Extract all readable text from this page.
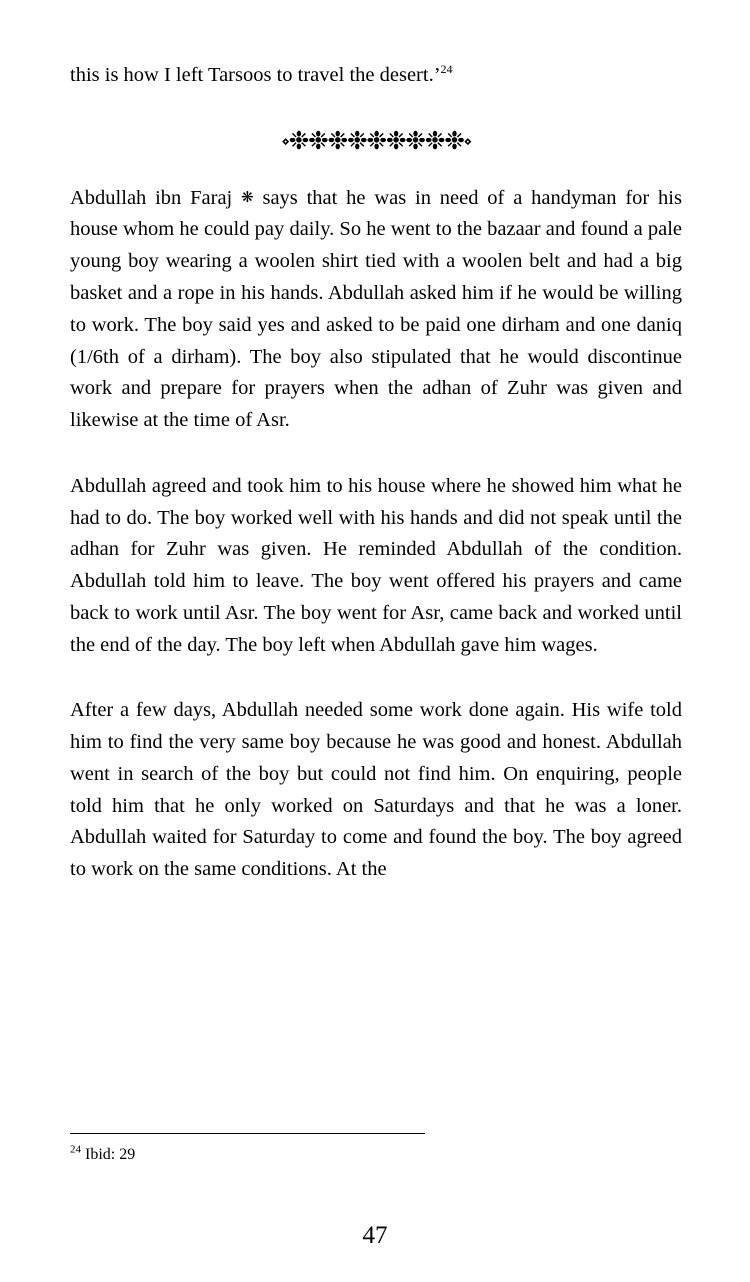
this is how I left Tarsoos to travel the desert.’$^{24}$

⋄❉❉❉❉❉❉❉❉❉⋄

Abdullah ibn Faraj ❋ says that he was in need of a handyman for his house whom he could pay daily. So he went to the bazaar and found a pale young boy wearing a woolen shirt tied with a woolen belt and had a big basket and a rope in his hands. Abdullah asked him if he would be willing to work. The boy said yes and asked to be paid one dirham and one daniq (1/6th of a dirham). The boy also stipulated that he would discontinue work and prepare for prayers when the adhan of Zuhr was given and likewise at the time of Asr.

Abdullah agreed and took him to his house where he showed him what he had to do. The boy worked well with his hands and did not speak until the adhan for Zuhr was given. He reminded Abdullah of the condition. Abdullah told him to leave. The boy went offered his prayers and came back to work until Asr. The boy went for Asr, came back and worked until the end of the day. The boy left when Abdullah gave him wages.

After a few days, Abdullah needed some work done again. His wife told him to find the very same boy because he was good and honest. Abdullah went in search of the boy but could not find him. On enquiring, people told him that he only worked on Saturdays and that he was a loner. Abdullah waited for Saturday to come and found the boy. The boy agreed to work on the same conditions. At the

$^{24}$ Ibid: 29
47
